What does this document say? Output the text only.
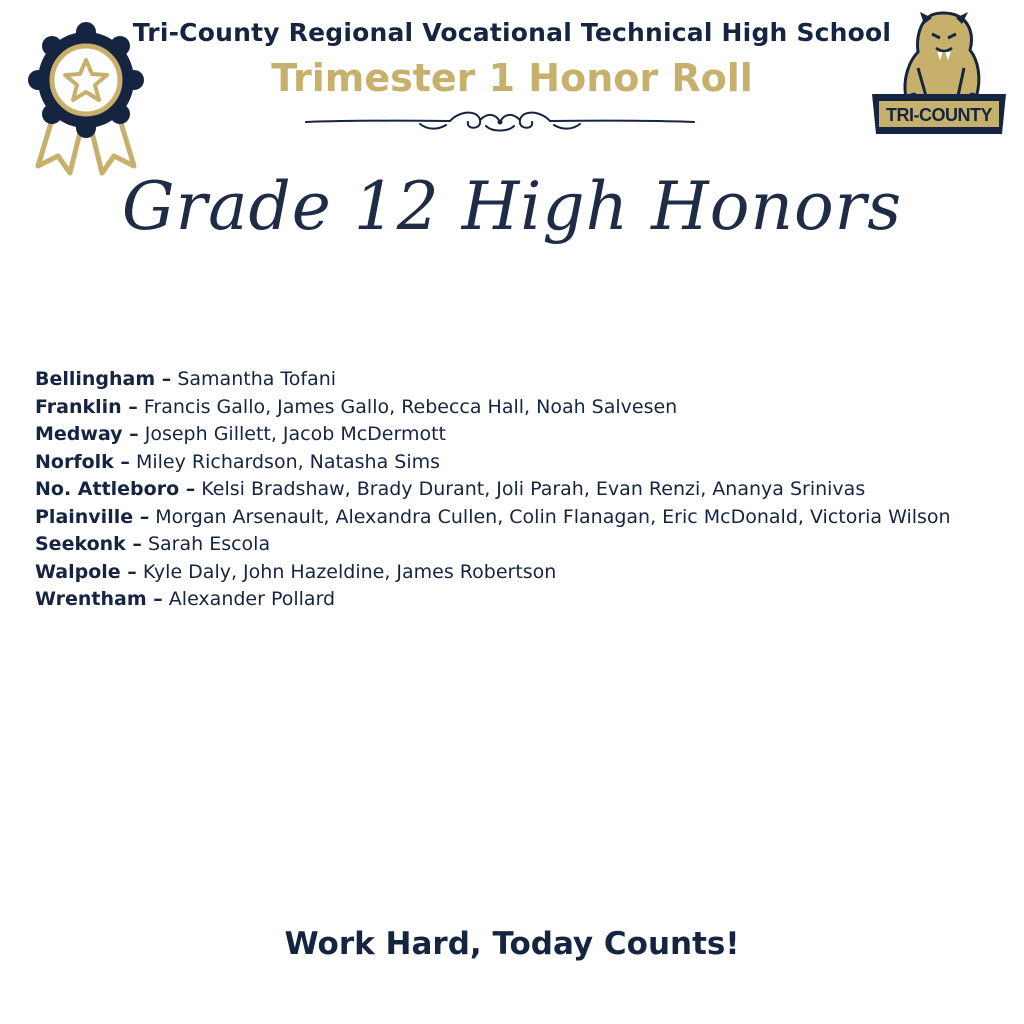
Tri-County Regional Vocational Technical High School
Trimester 1 Honor Roll
TRI-COUNTY
Grade 12 High Honors
Bellingham – Samantha Tofani
Franklin – Francis Gallo, James Gallo, Rebecca Hall, Noah Salvesen
Medway – Joseph Gillett, Jacob McDermott
Norfolk – Miley Richardson, Natasha Sims
No. Attleboro – Kelsi Bradshaw, Brady Durant, Joli Parah, Evan Renzi, Ananya Srinivas
Plainville – Morgan Arsenault, Alexandra Cullen, Colin Flanagan, Eric McDonald, Victoria Wilson
Seekonk – Sarah Escola
Walpole – Kyle Daly, John Hazeldine, James Robertson
Wrentham – Alexander Pollard
Work Hard, Today Counts!
